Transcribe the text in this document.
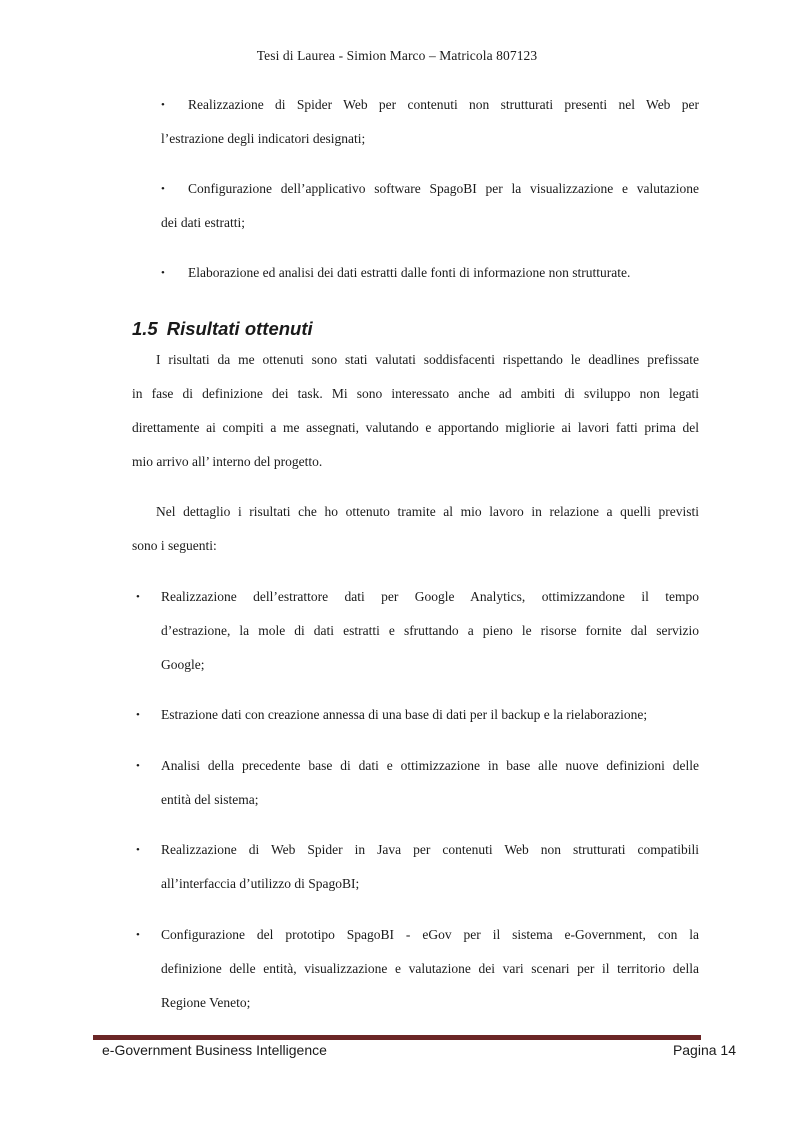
Tesi di Laurea - Simion Marco – Matricola 807123
• Realizzazione di Spider Web per contenuti non strutturati presenti nel Web per
l’estrazione degli indicatori designati;
• Configurazione dell’applicativo software SpagoBI per la visualizzazione e valutazione
dei dati estratti;
• Elaborazione ed analisi dei dati estratti dalle fonti di informazione non strutturate.
1.5 Risultati ottenuti
I risultati da me ottenuti sono stati valutati soddisfacenti rispettando le deadlines prefissate
in fase di definizione dei task. Mi sono interessato anche ad ambiti di sviluppo non legati
direttamente ai compiti a me assegnati, valutando e apportando migliorie ai lavori fatti prima del
mio arrivo all’ interno del progetto.
Nel dettaglio i risultati che ho ottenuto tramite al mio lavoro in relazione a quelli previsti
sono i seguenti:
• Realizzazione dell’estrattore dati per Google Analytics, ottimizzandone il tempo
d’estrazione, la mole di dati estratti e sfruttando a pieno le risorse fornite dal servizio
Google;
• Estrazione dati con creazione annessa di una base di dati per il backup e la rielaborazione;
• Analisi della precedente base di dati e ottimizzazione in base alle nuove definizioni delle
entità del sistema;
• Realizzazione di Web Spider in Java per contenuti Web non strutturati compatibili
all’interfaccia d’utilizzo di SpagoBI;
• Configurazione del prototipo SpagoBI - eGov per il sistema e-Government, con la
definizione delle entità, visualizzazione e valutazione dei vari scenari per il territorio della
Regione Veneto;
e-Government Business Intelligence	Pagina 14
